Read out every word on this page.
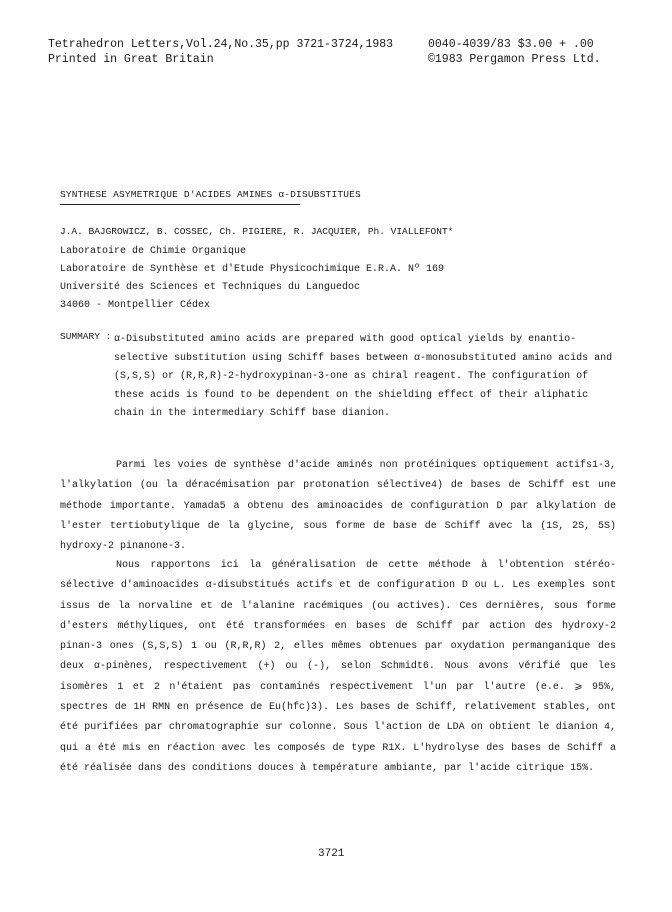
Tetrahedron Letters,Vol.24,No.35,pp 3721-3724,1983
Printed in Great Britain
0040-4039/83 $3.00 + .00
©1983 Pergamon Press Ltd.
SYNTHESE ASYMETRIQUE D'ACIDES AMINES α-DISUBSTITUES
J.A. BAJGROWICZ, B. COSSEC, Ch. PIGIERE, R. JACQUIER, Ph. VIALLEFONT*
Laboratoire de Chimie Organique
Laboratoire de Synthèse et d'Etude Physicochimique E.R.A. Nº 169
Université des Sciences et Techniques du Languedoc
34060 - Montpellier Cédex
SUMMARY : α-Disubstituted amino acids are prepared with good optical yields by enantio-selective substitution using Schiff bases between α-monosubstituted amino acids and (S,S,S) or (R,R,R)-2-hydroxypinan-3-one as chiral reagent. The configuration of these acids is found to be dependent on the shielding effect of their aliphatic chain in the intermediary Schiff base dianion.

Parmi les voies de synthèse d'acide aminés non protéiniques optiquement actifs1-3, l'alkylation (ou la déracémisation par protonation sélective4) de bases de Schiff est une méthode importante. Yamada5 a obtenu des aminoacides de configuration D par alkylation de l'ester tertiobutylique de la glycine, sous forme de base de Schiff avec la (1S, 2S, 5S) hydroxy-2 pinanone-3.

Nous rapportons ici la généralisation de cette méthode à l'obtention stéréo-sélective d'aminoacides α-disubstitués actifs et de configuration D ou L. Les exemples sont issus de la norvaline et de l'alanine racémiques (ou actives). Ces dernières, sous forme d'esters méthyliques, ont été transformées en bases de Schiff par action des hydroxy-2 pinan-3 ones (S,S,S) 1 ou (R,R,R) 2, elles mêmes obtenues par oxydation permanganique des deux α-pinènes, respectivement (+) ou (-), selon Schmidt6. Nous avons vérifié que les isomères 1 et 2 n'étaient pas contaminés respectivement l'un par l'autre (e.e. ⩾ 95%, spectres de 1H RMN en présence de Eu(hfc)3). Les bases de Schiff, relativement stables, ont été purifiées par chromatographie sur colonne. Sous l'action de LDA on obtient le dianion 4, qui a été mis en réaction avec les composés de type R1X. L'hydrolyse des bases de Schiff a été réalisée dans des conditions douces à température ambiante, par l'acide citrique 15%.

3721
